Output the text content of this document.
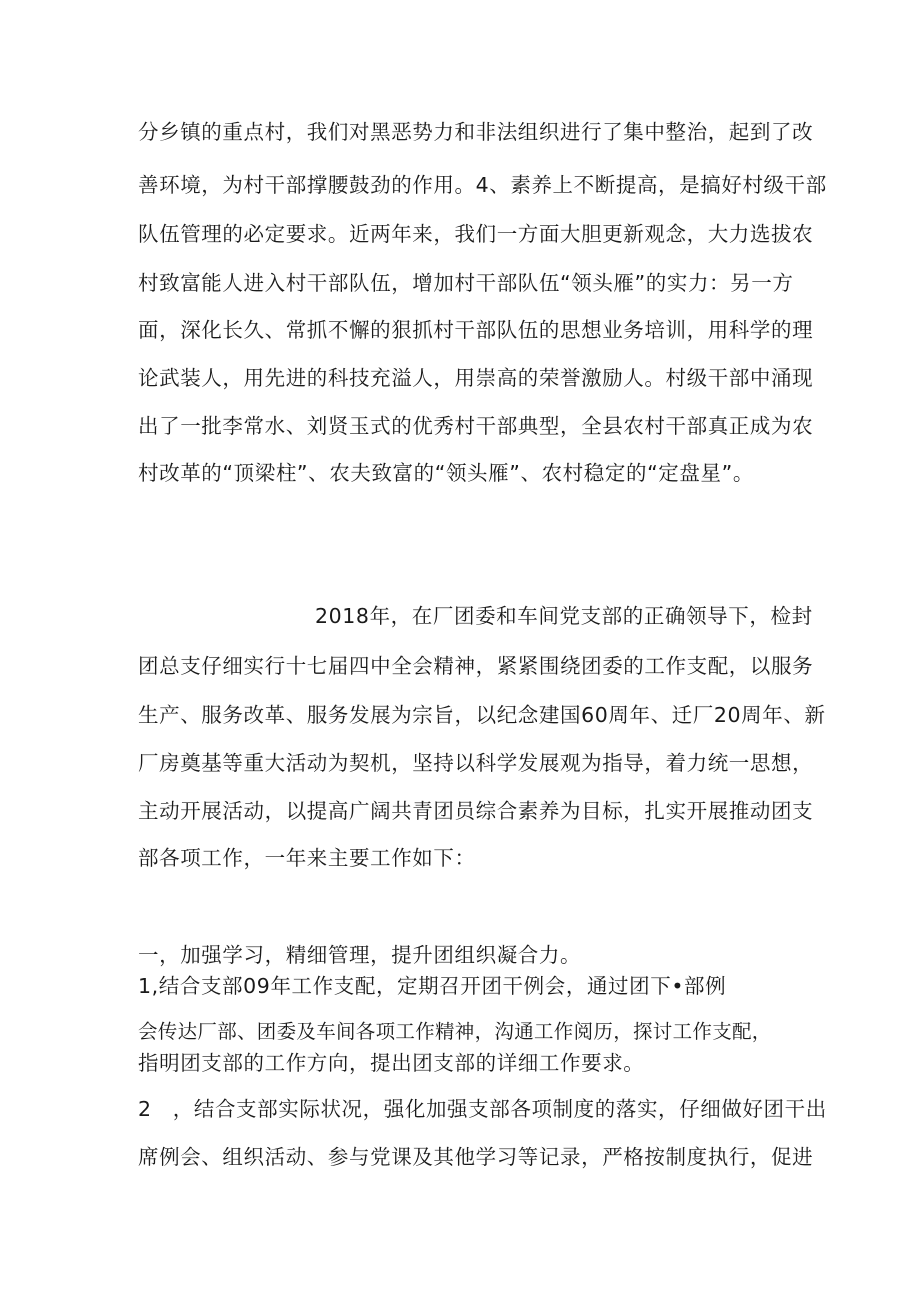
分乡镇的重点村，我们对黑恶势力和非法组织进行了集中整治，起到了改
善环境，为村干部撑腰鼓劲的作用。4、素养上不断提高，是搞好村级干部
队伍管理的必定要求。近两年来，我们一方面大胆更新观念，大力选拔农
村致富能人进入村干部队伍，增加村干部队伍“领头雁”的实力：另一方
面，深化长久、常抓不懈的狠抓村干部队伍的思想业务培训，用科学的理
论武装人，用先进的科技充溢人，用崇高的荣誉激励人。村级干部中涌现
出了一批李常水、刘贤玉式的优秀村干部典型，全县农村干部真正成为农
村改革的“顶梁柱”、农夫致富的“领头雁”、农村稳定的“定盘星”。
2018年，在厂团委和车间党支部的正确领导下，检封
团总支仔细实行十七届四中全会精神，紧紧围绕团委的工作支配，以服务
生产、服务改革、服务发展为宗旨，以纪念建国60周年、迁厂20周年、新
厂房奠基等重大活动为契机，坚持以科学发展观为指导，着力统一思想，
主动开展活动，以提高广阔共青团员综合素养为目标，扎实开展推动团支
部各项工作，一年来主要工作如下：
一，加强学习，精细管理，提升团组织凝合力。
1,结合支部09年工作支配，定期召开团干例会，通过团下•部例
会传达厂部、团委及车间各项工作精神，沟通工作阅历，探讨工作支配，
指明团支部的工作方向，提出团支部的详细工作要求。
2　，结合支部实际状况，强化加强支部各项制度的落实，仔细做好团干出
席例会、组织活动、参与党课及其他学习等记录，严格按制度执行，促进
